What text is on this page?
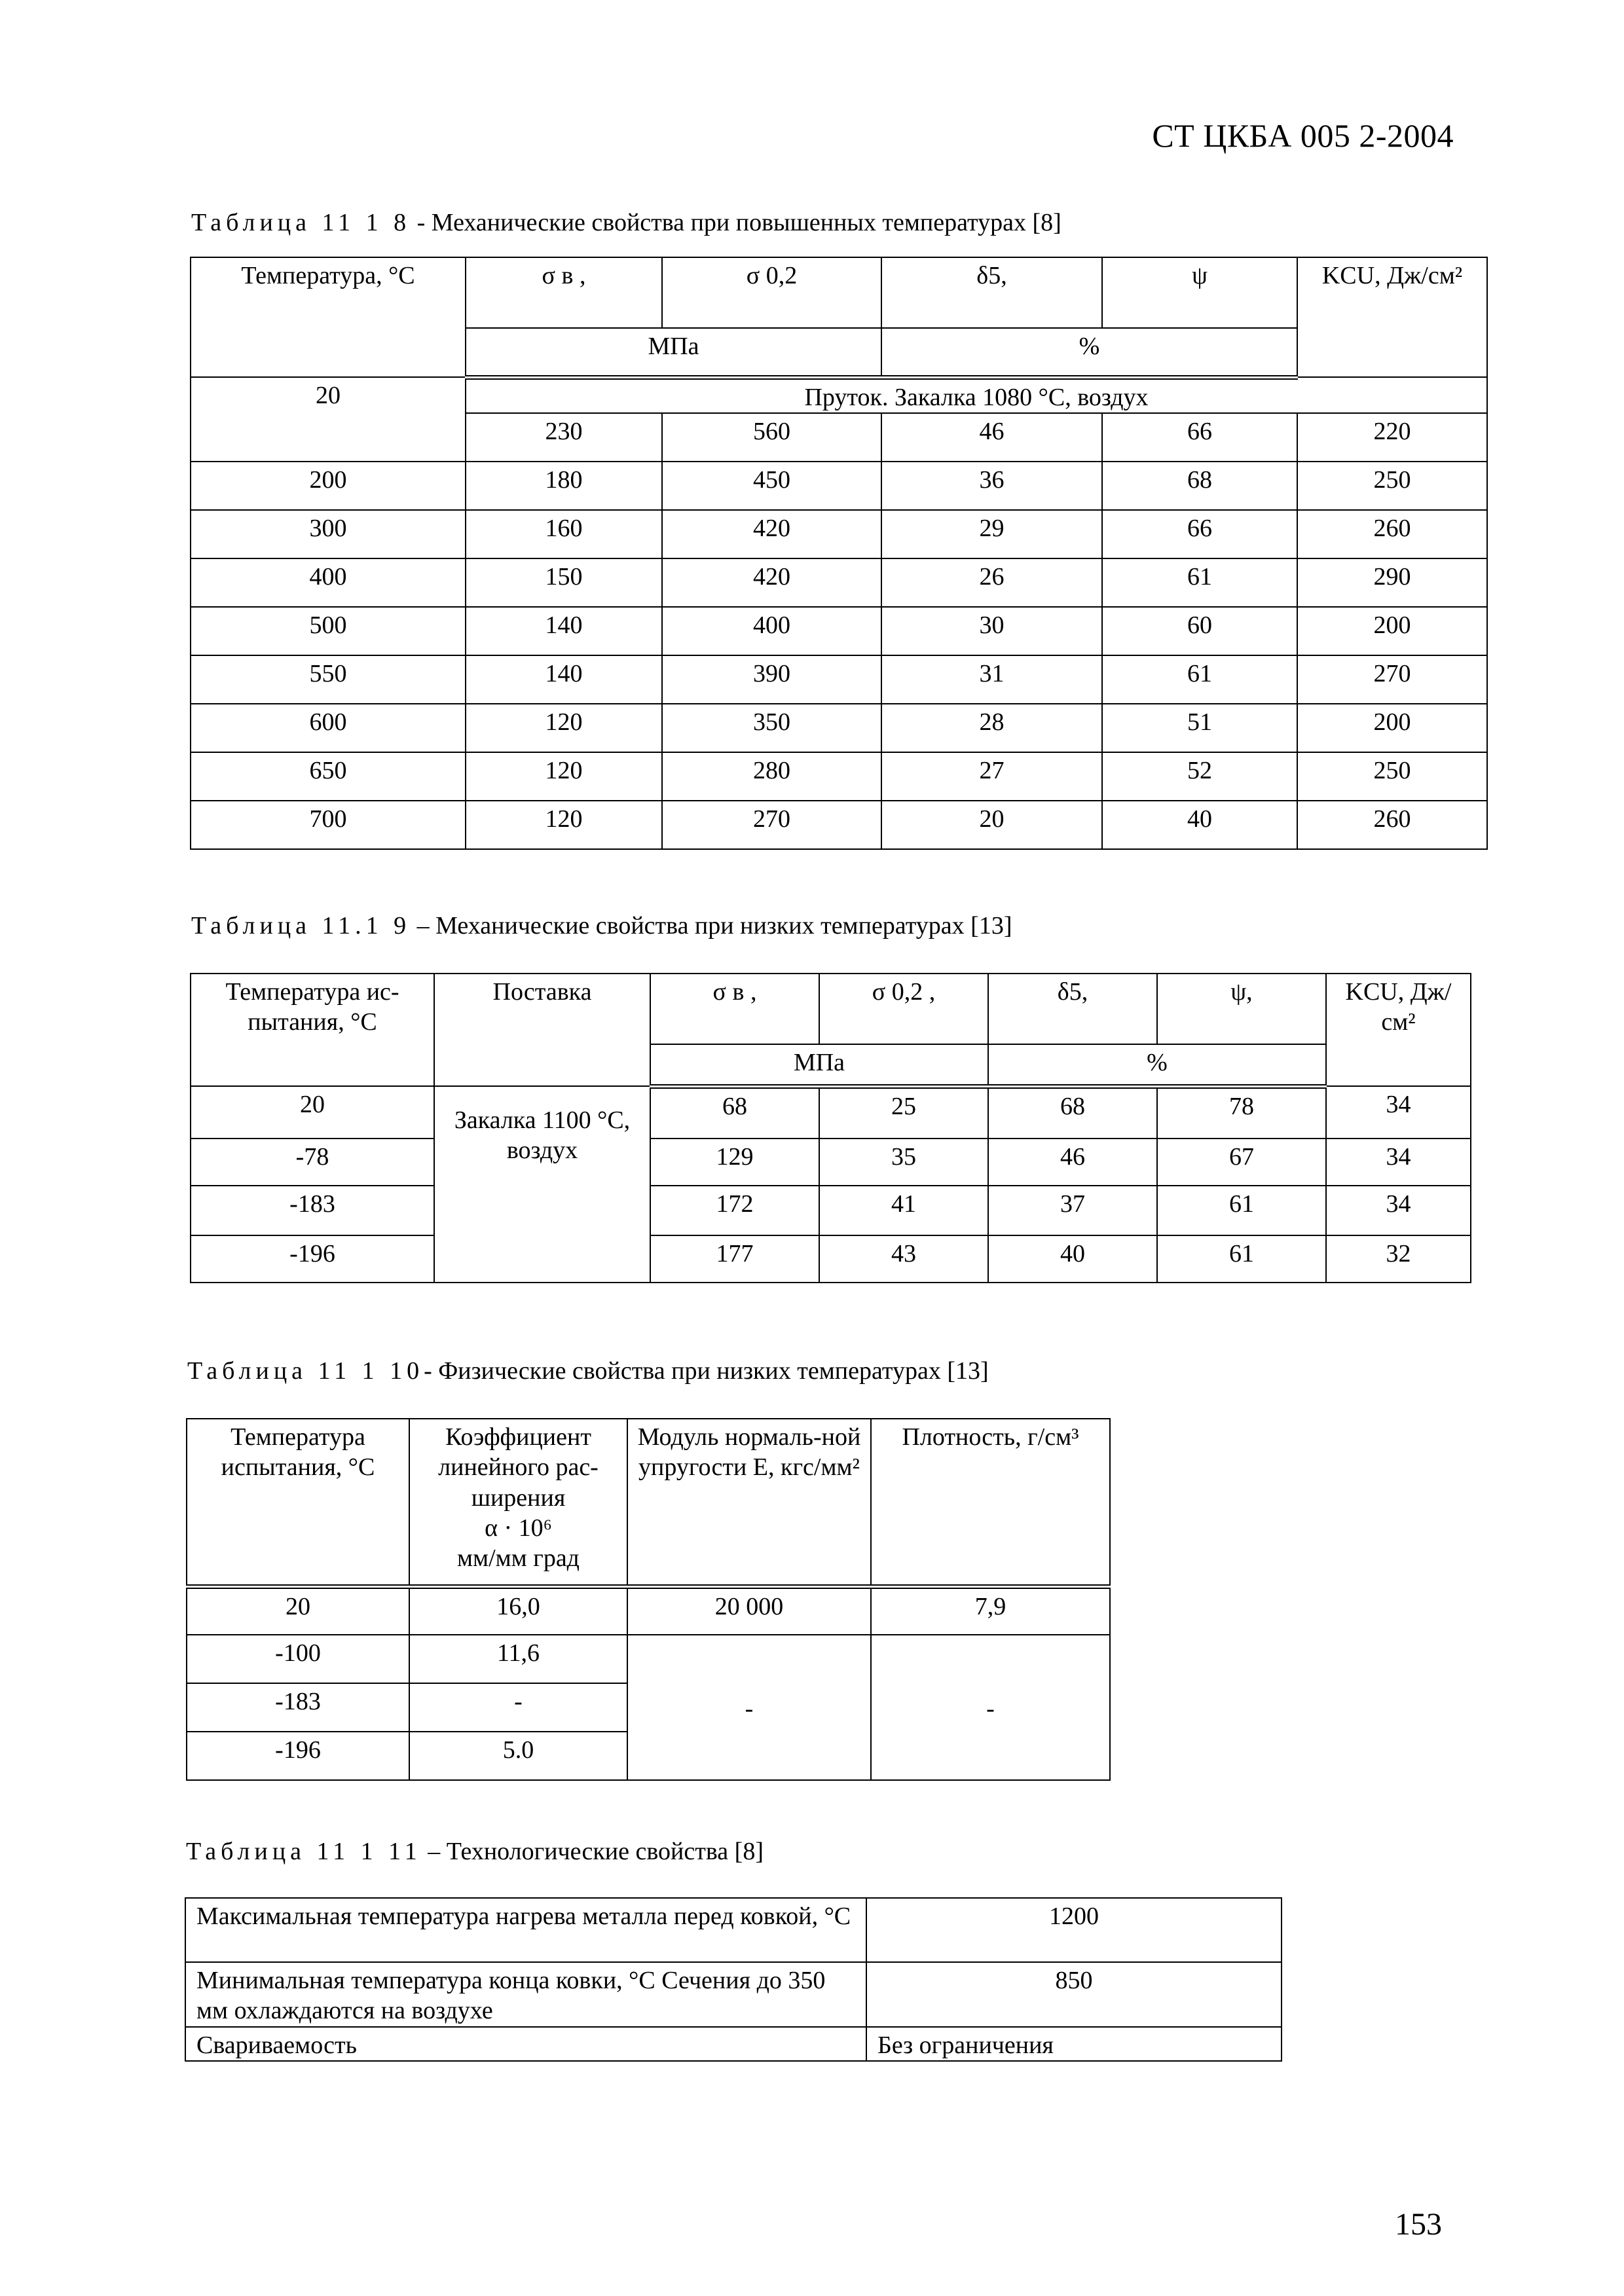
СТ ЦКБА 005 2-2004
Таблица 11 1 8 - Механические свойства при повышенных температурах [8]
Температура, °С	σ в ,	σ 0,2	δ5,	ψ	KCU, Дж/см²
	МПа		%		
20	Пруток. Закалка 1080 °С, воздух				
	230	560	46	66	220
200	180	450	36	68	250
300	160	420	29	66	260
400	150	420	26	61	290
500	140	400	30	60	200
550	140	390	31	61	270
600	120	350	28	51	200
650	120	280	27	52	250
700	120	270	20	40	260
Таблица 11.1 9 – Механические свойства при низких температурах [13]
Температура ис-пытания, °С	Поставка	σ в ,	σ 0,2 ,	δ5,	ψ,	KCU, Дж/ см²
		МПа		%		
20	Закалка 1100 °С, воздух	68	25	68	78	34
-78		129	35	46	67	34
-183		172	41	37	61	34
-196		177	43	40	61	32
Таблица 11 1 10- Физические свойства при низких температурах [13]
Температура испытания, °С	Коэффициент линейного рас-ширения
α · 10⁶
мм/мм град	Модуль нормаль-ной упругости Е, кгс/мм²	Плотность, г/см³
20	16,0	20 000	7,9
-100	11,6	-	-
-183	-		
-196	5.0		
Таблица 11 1 11 – Технологические свойства [8]
Максимальная температура нагрева металла перед ковкой, °С	1200
Минимальная температура конца ковки, °С Сечения до 350 мм охлаждаются на воздухе	850
Свариваемость	Без ограничения
153
